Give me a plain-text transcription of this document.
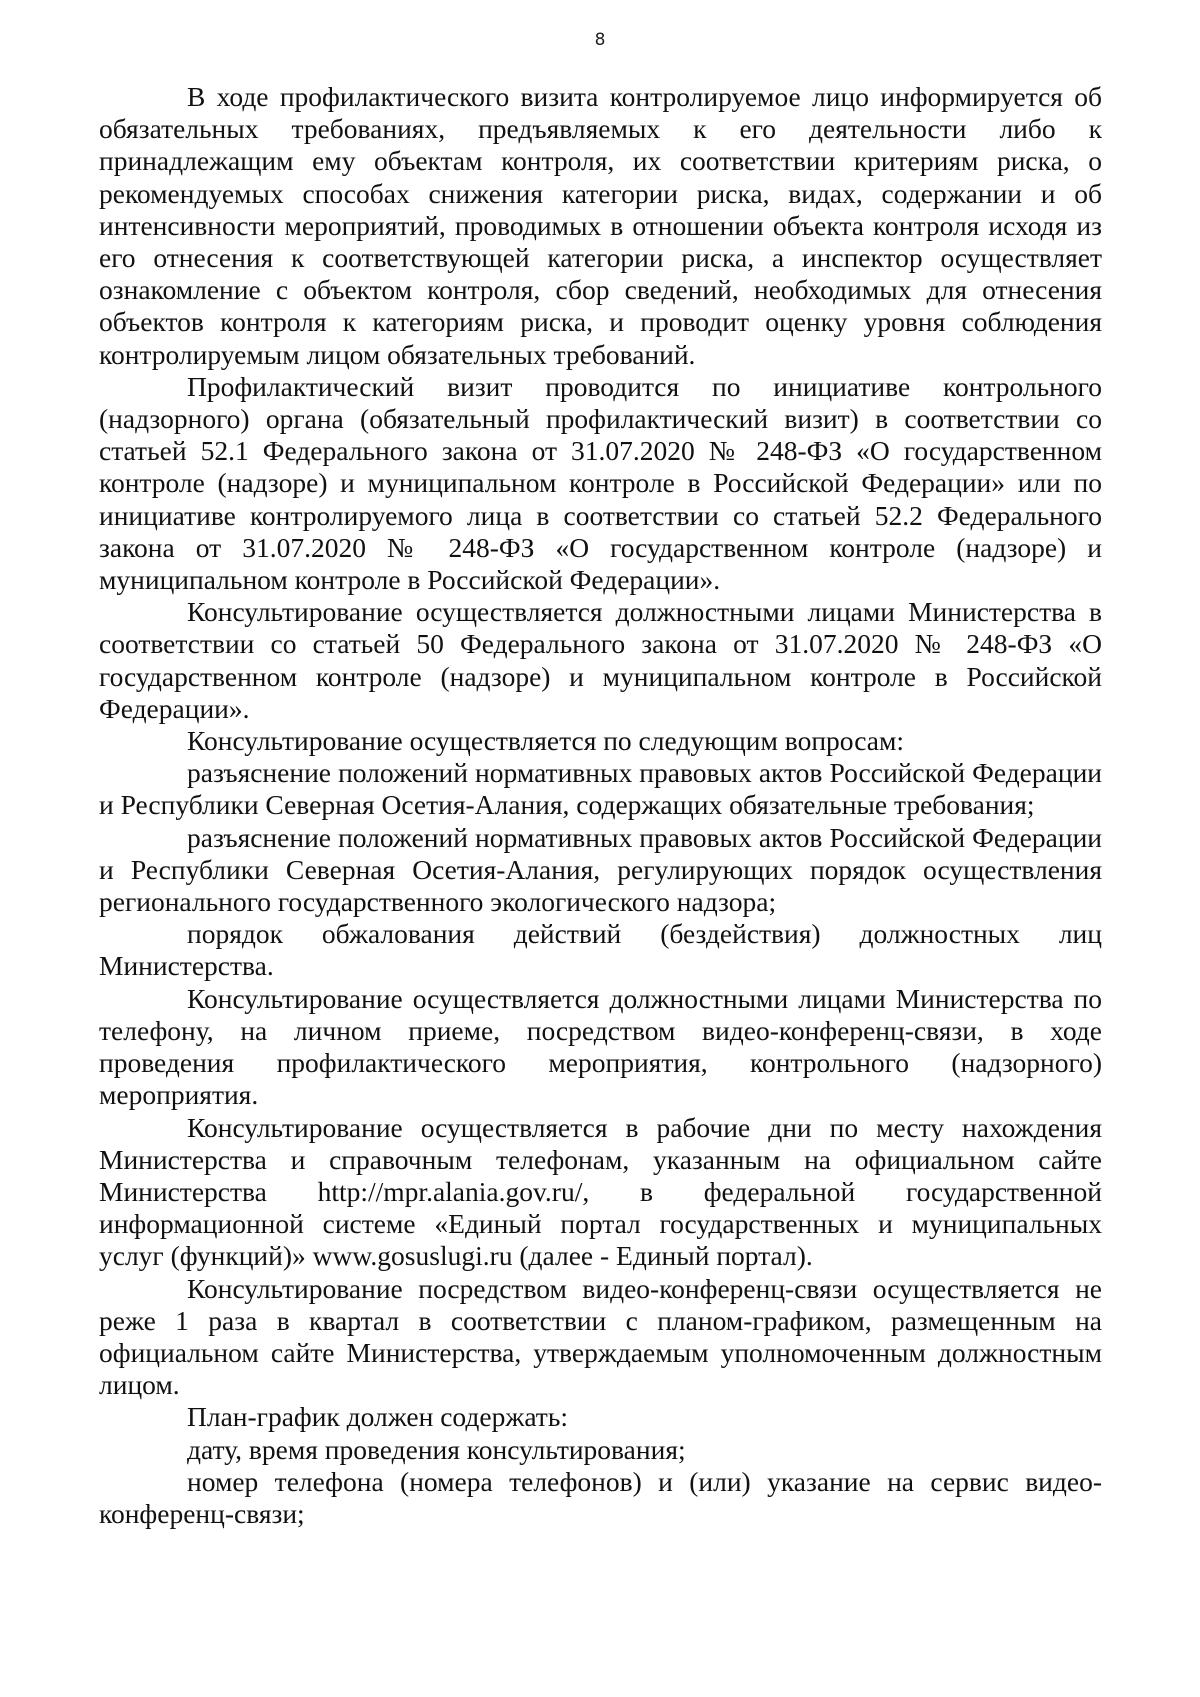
8

В ходе профилактического визита контролируемое лицо информируется об обязательных требованиях, предъявляемых к его деятельности либо к принадлежащим ему объектам контроля, их соответствии критериям риска, о рекомендуемых способах снижения категории риска, видах, содержании и об интенсивности мероприятий, проводимых в отношении объекта контроля исходя из его отнесения к соответствующей категории риска, а инспектор осуществляет ознакомление с объектом контроля, сбор сведений, необходимых для отнесения объектов контроля к категориям риска, и проводит оценку уровня соблюдения контролируемым лицом обязательных требований.

Профилактический визит проводится по инициативе контрольного (надзорного) органа (обязательный профилактический визит) в соответствии со статьей 52.1 Федерального закона от 31.07.2020 № 248-ФЗ «О государственном контроле (надзоре) и муниципальном контроле в Российской Федерации» или по инициативе контролируемого лица в соответствии со статьей 52.2 Федерального закона от 31.07.2020 № 248-ФЗ «О государственном контроле (надзоре) и муниципальном контроле в Российской Федерации».

Консультирование осуществляется должностными лицами Министерства в соответствии со статьей 50 Федерального закона от 31.07.2020 № 248-ФЗ «О государственном контроле (надзоре) и муниципальном контроле в Российской Федерации».

Консультирование осуществляется по следующим вопросам:

разъяснение положений нормативных правовых актов Российской Федерации и Республики Северная Осетия-Алания, содержащих обязательные требования;

разъяснение положений нормативных правовых актов Российской Федерации и Республики Северная Осетия-Алания, регулирующих порядок осуществления регионального государственного экологического надзора;

порядок обжалования действий (бездействия) должностных лиц Министерства.

Консультирование осуществляется должностными лицами Министерства по телефону, на личном приеме, посредством видео-конференц-связи, в ходе проведения профилактического мероприятия, контрольного (надзорного) мероприятия.

Консультирование осуществляется в рабочие дни по месту нахождения Министерства и справочным телефонам, указанным на официальном сайте Министерства http://mpr.alania.gov.ru/, в федеральной государственной информационной системе «Единый портал государственных и муниципальных услуг (функций)» www.gosuslugi.ru (далее - Единый портал).

Консультирование посредством видео-конференц-связи осуществляется не реже 1 раза в квартал в соответствии с планом-графиком, размещенным на официальном сайте Министерства, утверждаемым уполномоченным должностным лицом.

План-график должен содержать:

дату, время проведения консультирования;

номер телефона (номера телефонов) и (или) указание на сервис видео-конференц-связи;
